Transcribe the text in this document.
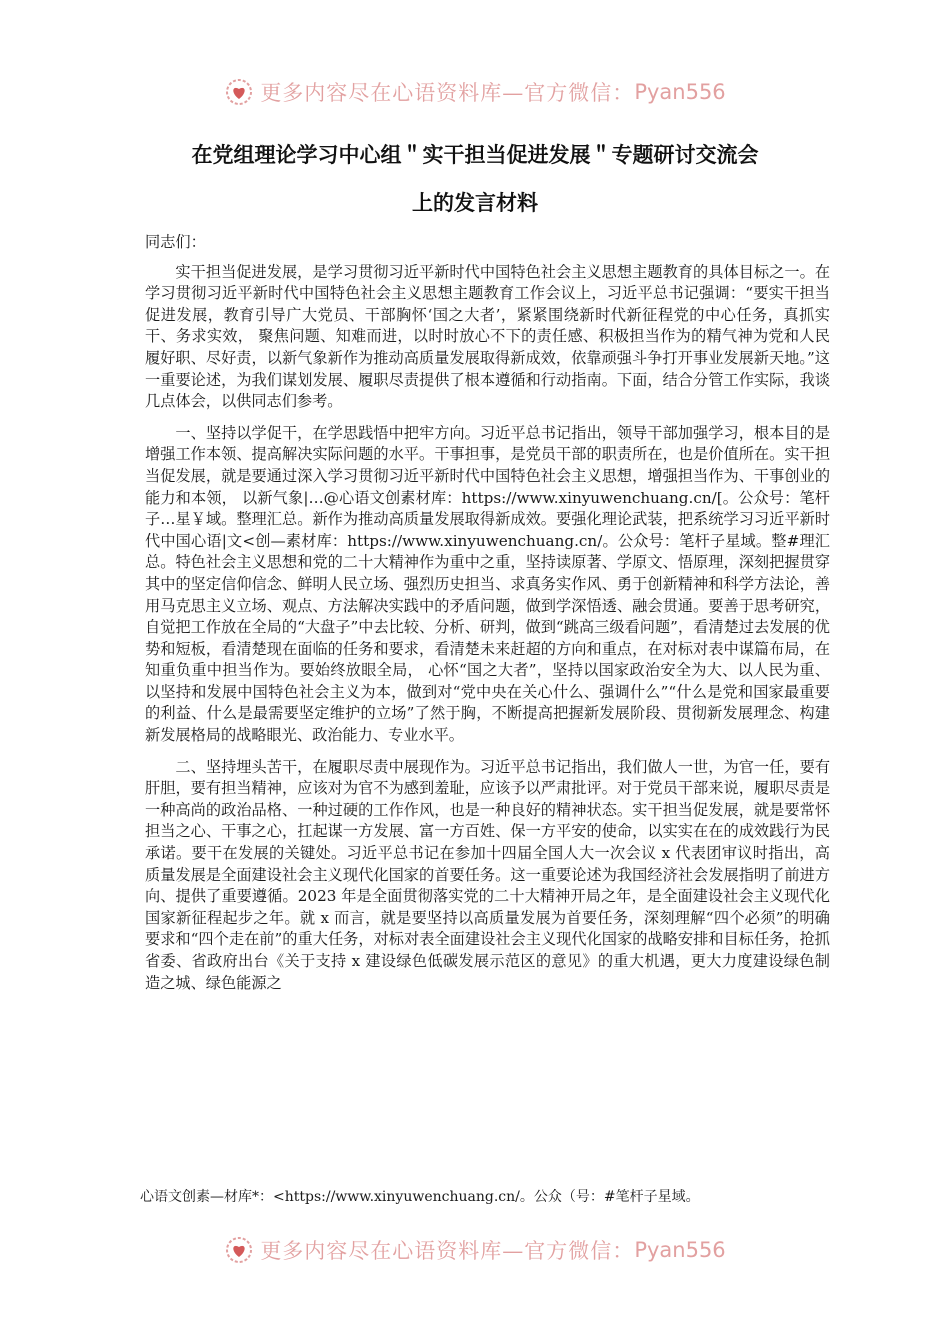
更多内容尽在心语资料库—官方微信： Pyan556
在党组理论学习中心组＂实干担当促进发展＂专题研讨交流会
上的发言材料

同志们：

实干担当促进发展，是学习贯彻习近平新时代中国特色社会主义思想主题教育的具体目标之一。在学习贯彻习近平新时代中国特色社会主义思想主题教育工作会议上，习近平总书记强调：“要实干担当促进发展，教育引导广大党员、干部胸怀‘国之大者’，紧紧围绕新时代新征程党的中心任务，真抓实干、务求实效， 聚焦问题、知难而进，以时时放心不下的责任感、积极担当作为的精气神为党和人民履好职、尽好责，以新气象新作为推动高质量发展取得新成效，依靠顽强斗争打开事业发展新天地。”这一重要论述，为我们谋划发展、履职尽责提供了根本遵循和行动指南。下面，结合分管工作实际，我谈几点体会，以供同志们参考。

一、坚持以学促干，在学思践悟中把牢方向。习近平总书记指出，领导干部加强学习，根本目的是增强工作本领、提高解决实际问题的水平。干事担事，是党员干部的职责所在，也是价值所在。实干担当促发展，就是要通过深入学习贯彻习近平新时代中国特色社会主义思想，增强担当作为、干事创业的能力和本领， 以新气象|…@心语文创素材库：https://www.xinyuwenchuang.cn/[。公众号：笔杆子…星￥域。整理汇总。新作为推动高质量发展取得新成效。要强化理论武装，把系统学习习近平新时代中国心语|文<创—素材库：https://www.xinyuwenchuang.cn/。公众号：笔杆子星域。整#理汇总。特色社会主义思想和党的二十大精神作为重中之重，坚持读原著、学原文、悟原理，深刻把握贯穿其中的坚定信仰信念、鲜明人民立场、强烈历史担当、求真务实作风、勇于创新精神和科学方法论，善用马克思主义立场、观点、方法解决实践中的矛盾问题，做到学深悟透、融会贯通。要善于思考研究，自觉把工作放在全局的“大盘子”中去比较、分析、研判，做到“跳高三级看问题”，看清楚过去发展的优势和短板，看清楚现在面临的任务和要求，看清楚未来赶超的方向和重点，在对标对表中谋篇布局，在知重负重中担当作为。要始终放眼全局， 心怀“国之大者”，坚持以国家政治安全为大、以人民为重、以坚持和发展中国特色社会主义为本，做到对“党中央在关心什么、强调什么”“什么是党和国家最重要的利益、什么是最需要坚定维护的立场”了然于胸，不断提高把握新发展阶段、贯彻新发展理念、构建新发展格局的战略眼光、政治能力、专业水平。

二、坚持埋头苦干，在履职尽责中展现作为。习近平总书记指出，我们做人一世，为官一任，要有肝胆，要有担当精神，应该对为官不为感到羞耻，应该予以严肃批评。对于党员干部来说，履职尽责是一种高尚的政治品格、一种过硬的工作作风，也是一种良好的精神状态。实干担当促发展，就是要常怀担当之心、干事之心，扛起谋一方发展、富一方百姓、保一方平安的使命，以实实在在的成效践行为民承诺。要干在发展的关键处。习近平总书记在参加十四届全国人大一次会议 x 代表团审议时指出，高质量发展是全面建设社会主义现代化国家的首要任务。这一重要论述为我国经济社会发展指明了前进方向、提供了重要遵循。2023 年是全面贯彻落实党的二十大精神开局之年，是全面建设社会主义现代化国家新征程起步之年。就 x 而言，就是要坚持以高质量发展为首要任务，深刻理解“四个必须”的明确要求和“四个走在前”的重大任务，对标对表全面建设社会主义现代化国家的战略安排和目标任务，抢抓省委、省政府出台《关于支持 x 建设绿色低碳发展示范区的意见》的重大机遇，更大力度建设绿色制造之城、绿色能源之

心语文创素—材库*：<https://www.xinyuwenchuang.cn/。公众（号：#笔杆子星域。
更多内容尽在心语资料库—官方微信： Pyan556
